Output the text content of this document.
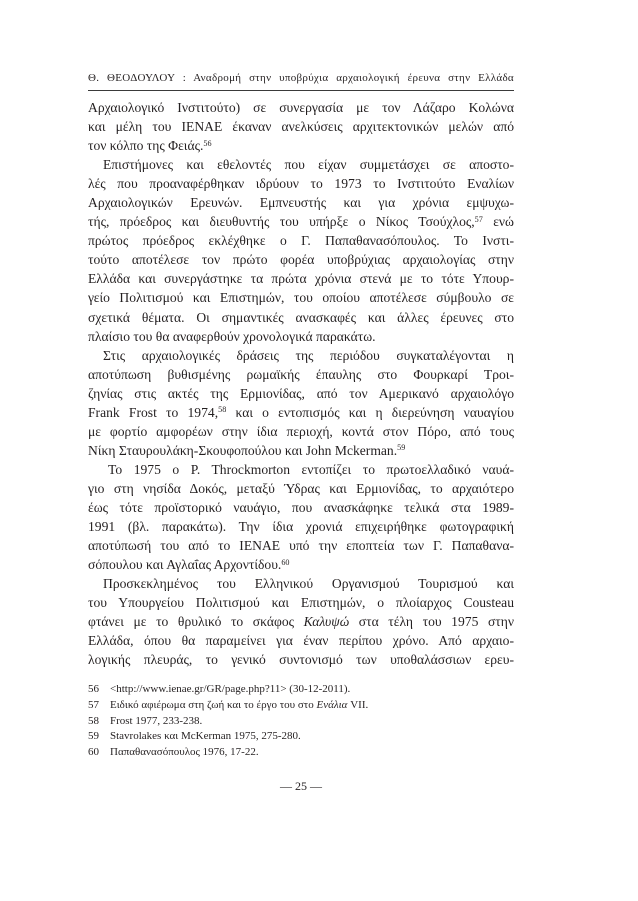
Θ. ΘΕΟΔΟΥΛΟΥ : Αναδρομή στην υποβρύχια αρχαιολογική έρευνα στην Ελλάδα
Αρχαιολογικό Ινστιτούτο) σε συνεργασία με τον Λάζαρο Κολώνα
και μέλη του ΙΕΝΑΕ έκαναν ανελκύσεις αρχιτεκτονικών μελών από
τον κόλπο της Φειάς.$^{56}$
Επιστήμονες και εθελοντές που είχαν συμμετάσχει σε αποστο-
λές που προαναφέρθηκαν ιδρύουν το 1973 το Ινστιτούτο Εναλίων
Αρχαιολογικών Ερευνών. Εμπνευστής και για χρόνια εμψυχω-
τής, πρόεδρος και διευθυντής του υπήρξε ο Νίκος Τσούχλος,$^{57}$ ενώ
πρώτος πρόεδρος εκλέχθηκε ο Γ. Παπαθανασόπουλος. Το Ινστι-
τούτο αποτέλεσε τον πρώτο φορέα υποβρύχιας αρχαιολογίας στην
Ελλάδα και συνεργάστηκε τα πρώτα χρόνια στενά με το τότε Υπουρ-
γείο Πολιτισμού και Επιστημών, του οποίου αποτέλεσε σύμβουλο σε
σχετικά θέματα. Οι σημαντικές ανασκαφές και άλλες έρευνες στο
πλαίσιο του θα αναφερθούν χρονολογικά παρακάτω.
Στις αρχαιολογικές δράσεις της περιόδου συγκαταλέγονται η
αποτύπωση βυθισμένης ρωμαϊκής έπαυλης στο Φουρκαρί Τροι-
ζηνίας στις ακτές της Ερμιονίδας, από τον Αμερικανό αρχαιολόγο
Frank Frost το 1974,58 και ο εντοπισμός και η διερεύνηση ναυαγίου
με φορτίο αμφορέων στην ίδια περιοχή, κοντά στον Πόρο, από τους
Νίκη Σταυρουλάκη-Σκουφοπούλου και John Mckerman.$^{59}$
Το 1975 ο P. Throckmorton εντοπίζει το πρωτοελλαδικό ναυά-
γιο στη νησίδα Δοκός, μεταξύ Ύδρας και Ερμιονίδας, το αρχαιότερο
έως τότε προϊστορικό ναυάγιο, που ανασκάφηκε τελικά στα 1989-
1991 (βλ. παρακάτω). Την ίδια χρονιά επιχειρήθηκε φωτογραφική
αποτύπωσή του από το ΙΕΝΑΕ υπό την εποπτεία των Γ. Παπαθανα-
σόπουλου και Αγλαΐας Αρχοντίδου.$^{60}$
Προσκεκλημένος του Ελληνικού Οργανισμού Τουρισμού και
του Υπουργείου Πολιτισμού και Επιστημών, ο πλοίαρχος Cousteau
φτάνει με το θρυλικό το σκάφος Καλυψώ στα τέλη του 1975 στην
Ελλάδα, όπου θα παραμείνει για έναν περίπου χρόνο. Από αρχαιο-
λογικής πλευράς, το γενικό συντονισμό των υποθαλάσσιων ερευ-
56	<http://www.ienae.gr/GR/page.php?11> (30-12-2011).
57	Ειδικό αφιέρωμα στη ζωή και το έργο του στο Ενάλια VII.
58	Frost 1977, 233-238.
59	Stavrolakes και McKerman 1975, 275-280.
60	Παπαθανασόπουλος 1976, 17-22.
— 25 —
